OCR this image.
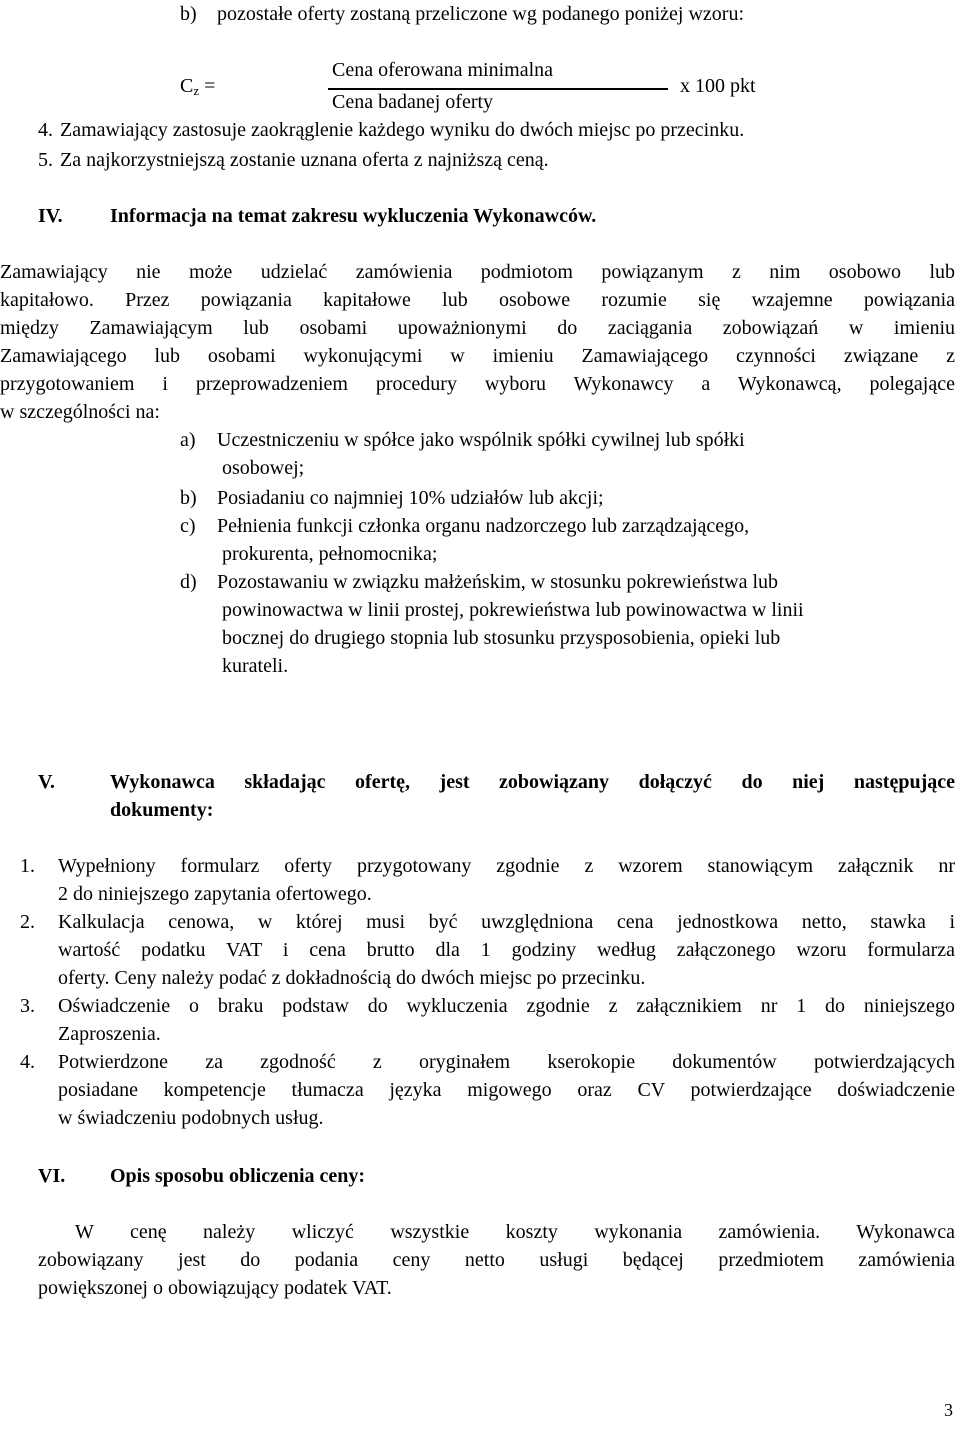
b) pozostałe oferty zostaną przeliczone wg podanego poniżej wzoru:
$C_z$ =
Cena oferowana minimalna
Cena badanej oferty
x 100 pkt
4. Zamawiający zastosuje zaokrąglenie każdego wyniku do dwóch miejsc po przecinku.
5. Za najkorzystniejszą zostanie uznana oferta z najniższą ceną.
IV. Informacja na temat zakresu wykluczenia Wykonawców.
Zamawiający nie może udzielać zamówienia podmiotom powiązanym z nim osobowo lub
kapitałowo. Przez powiązania kapitałowe lub osobowe rozumie się wzajemne powiązania
między Zamawiającym lub osobami upoważnionymi do zaciągania zobowiązań w imieniu
Zamawiającego lub osobami wykonującymi w imieniu Zamawiającego czynności związane z
przygotowaniem i przeprowadzeniem procedury wyboru Wykonawcy a Wykonawcą, polegające
w szczególności na:
a) Uczestniczeniu w spółce jako wspólnik spółki cywilnej lub spółki
osobowej;
b) Posiadaniu co najmniej 10% udziałów lub akcji;
c) Pełnienia funkcji członka organu nadzorczego lub zarządzającego,
prokurenta, pełnomocnika;
d) Pozostawaniu w związku małżeńskim, w stosunku pokrewieństwa lub
powinowactwa w linii prostej, pokrewieństwa lub powinowactwa w linii
bocznej do drugiego stopnia lub stosunku przysposobienia, opieki lub
kurateli.
V.	Wykonawca składając ofertę, jest zobowiązany dołączyć do niej następujące
dokumenty:
1. Wypełniony formularz oferty przygotowany zgodnie z wzorem stanowiącym załącznik nr
2 do niniejszego zapytania ofertowego.
2. Kalkulacja cenowa, w której musi być uwzględniona cena jednostkowa netto, stawka i
wartość podatku VAT i cena brutto dla 1 godziny według załączonego wzoru formularza
oferty. Ceny należy podać z dokładnością do dwóch miejsc po przecinku.
3. Oświadczenie o braku podstaw do wykluczenia zgodnie z załącznikiem nr 1 do niniejszego
Zaproszenia.
4. Potwierdzone za zgodność z oryginałem kserokopie dokumentów potwierdzających
posiadane kompetencje tłumacza języka migowego oraz CV potwierdzające doświadczenie
w świadczeniu podobnych usług.
VI. Opis sposobu obliczenia ceny:
W cenę należy wliczyć wszystkie koszty wykonania zamówienia. Wykonawca
zobowiązany jest do podania ceny netto usługi będącej przedmiotem zamówienia
powiększonej o obowiązujący podatek VAT.
3
